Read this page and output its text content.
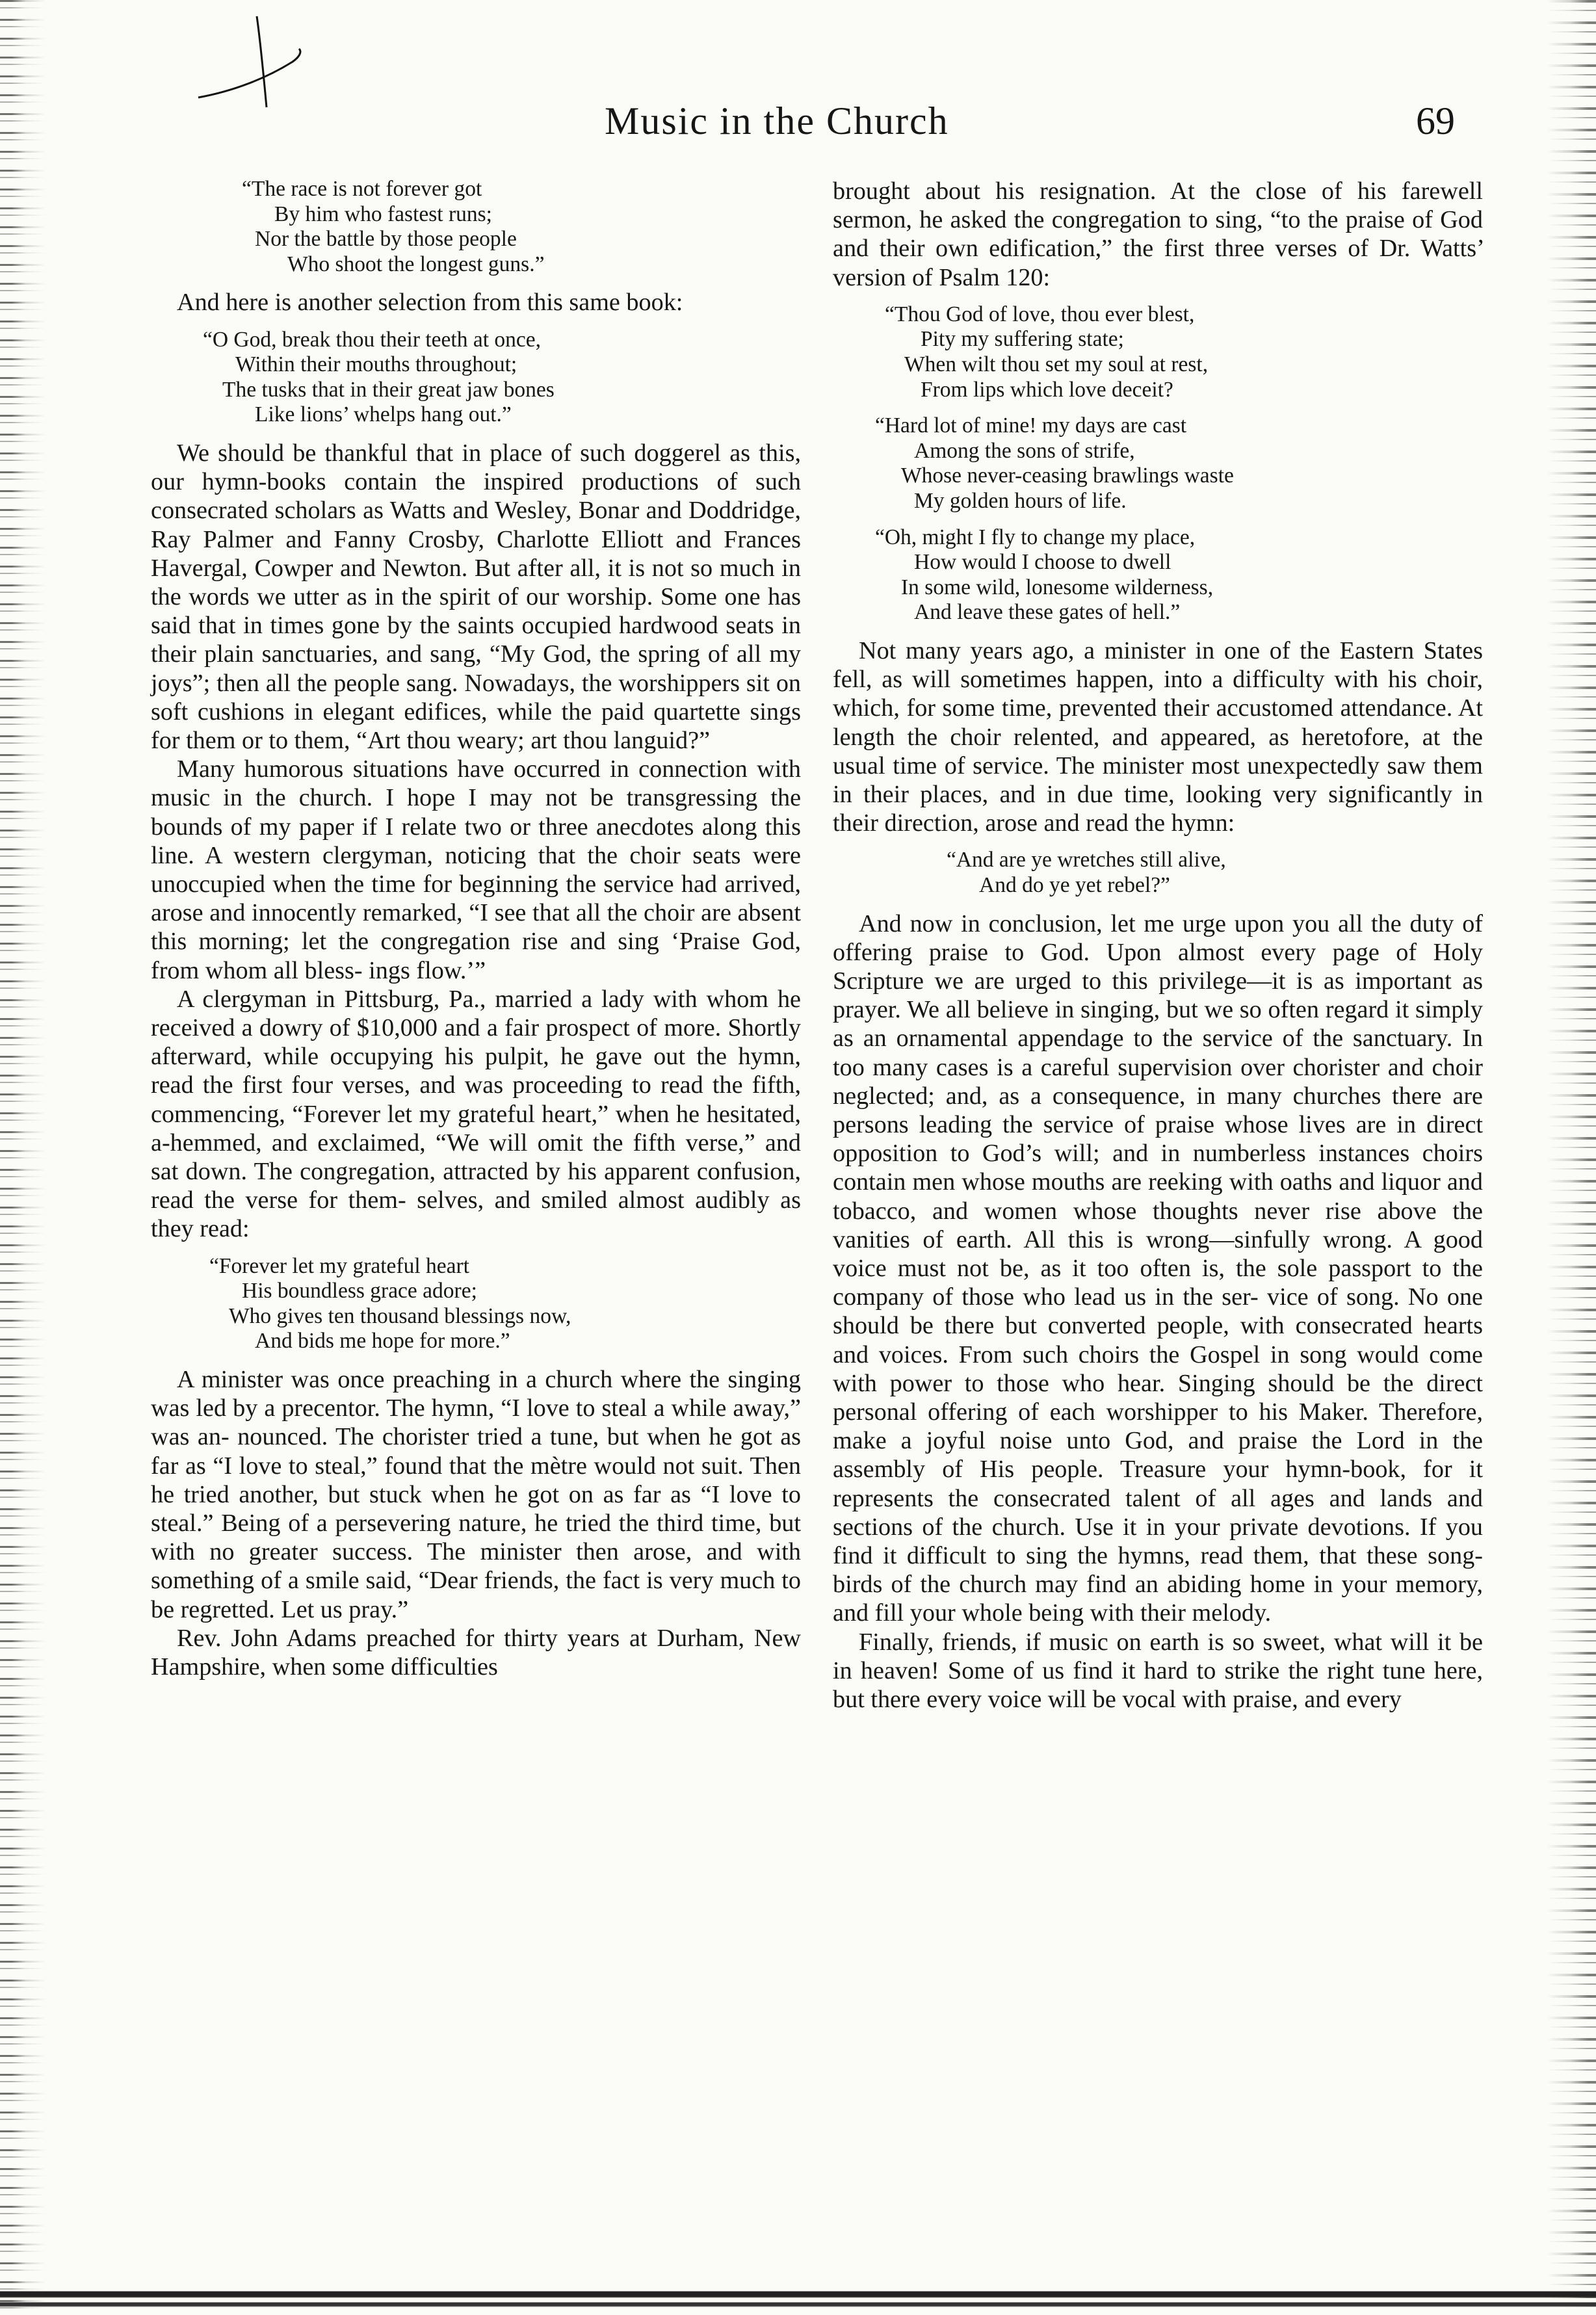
Music in the Church	69
“The race is not forever got
By him who fastest runs;
Nor the battle by those people
Who shoot the longest guns.”

And here is another selection from this same book:

“O God, break thou their teeth at once,
Within their mouths throughout;
The tusks that in their great jaw bones
Like lions’ whelps hang out.”

We should be thankful that in place of such doggerel as this, our hymn-books contain the inspired productions of such consecrated scholars as Watts and Wesley, Bonar and Doddridge, Ray Palmer and Fanny Crosby, Charlotte Elliott and Frances Havergal, Cowper and Newton. But after all, it is not so much in the words we utter as in the spirit of our worship. Some one has said that in times gone by the saints occupied hardwood seats in their plain sanctuaries, and sang, “My God, the spring of all my joys”; then all the people sang. Nowadays, the worshippers sit on soft cushions in elegant edifices, while the paid quartette sings for them or to them, “Art thou weary; art thou languid?”

Many humorous situations have occurred in connection with music in the church. I hope I may not be transgressing the bounds of my paper if I relate two or three anecdotes along this line. A western clergyman, noticing that the choir seats were unoccupied when the time for beginning the service had arrived, arose and innocently remarked, “I see that all the choir are absent this morning; let the congregation rise and sing ‘Praise God, from whom all bless- ings flow.’”

A clergyman in Pittsburg, Pa., married a lady with whom he received a dowry of $10,000 and a fair prospect of more. Shortly afterward, while occupying his pulpit, he gave out the hymn, read the first four verses, and was proceeding to read the fifth, commencing, “Forever let my grateful heart,” when he hesitated, a-hemmed, and exclaimed, “We will omit the fifth verse,” and sat down. The congregation, attracted by his apparent confusion, read the verse for them- selves, and smiled almost audibly as they read:

“Forever let my grateful heart
His boundless grace adore;
Who gives ten thousand blessings now,
And bids me hope for more.”

A minister was once preaching in a church where the singing was led by a precentor. The hymn, “I love to steal a while away,” was an- nounced. The chorister tried a tune, but when he got as far as “I love to steal,” found that the mètre would not suit. Then he tried another, but stuck when he got on as far as “I love to steal.” Being of a persevering nature, he tried the third time, but with no greater success. The minister then arose, and with something of a smile said, “Dear friends, the fact is very much to be regretted. Let us pray.”

Rev. John Adams preached for thirty years at Durham, New Hampshire, when some difficulties

brought about his resignation. At the close of his farewell sermon, he asked the congregation to sing, “to the praise of God and their own edification,” the first three verses of Dr. Watts’ version of Psalm 120:

“Thou God of love, thou ever blest,
Pity my suffering state;
When wilt thou set my soul at rest,
From lips which love deceit?
“Hard lot of mine! my days are cast
Among the sons of strife,
Whose never-ceasing brawlings waste
My golden hours of life.
“Oh, might I fly to change my place,
How would I choose to dwell
In some wild, lonesome wilderness,
And leave these gates of hell.”

Not many years ago, a minister in one of the Eastern States fell, as will sometimes happen, into a difficulty with his choir, which, for some time, prevented their accustomed attendance. At length the choir relented, and appeared, as heretofore, at the usual time of service. The minister most unexpectedly saw them in their places, and in due time, looking very significantly in their direction, arose and read the hymn:

“And are ye wretches still alive,
And do ye yet rebel?”

And now in conclusion, let me urge upon you all the duty of offering praise to God. Upon almost every page of Holy Scripture we are urged to this privilege—it is as important as prayer. We all believe in singing, but we so often regard it simply as an ornamental appendage to the service of the sanctuary. In too many cases is a careful supervision over chorister and choir neglected; and, as a consequence, in many churches there are persons leading the service of praise whose lives are in direct opposition to God’s will; and in numberless instances choirs contain men whose mouths are reeking with oaths and liquor and tobacco, and women whose thoughts never rise above the vanities of earth. All this is wrong—sinfully wrong. A good voice must not be, as it too often is, the sole passport to the company of those who lead us in the ser- vice of song. No one should be there but converted people, with consecrated hearts and voices. From such choirs the Gospel in song would come with power to those who hear. Singing should be the direct personal offering of each worshipper to his Maker. Therefore, make a joyful noise unto God, and praise the Lord in the assembly of His people. Treasure your hymn-book, for it represents the consecrated talent of all ages and lands and sections of the church. Use it in your private devotions. If you find it difficult to sing the hymns, read them, that these song-birds of the church may find an abiding home in your memory, and fill your whole being with their melody.

Finally, friends, if music on earth is so sweet, what will it be in heaven! Some of us find it hard to strike the right tune here, but there every voice will be vocal with praise, and every
